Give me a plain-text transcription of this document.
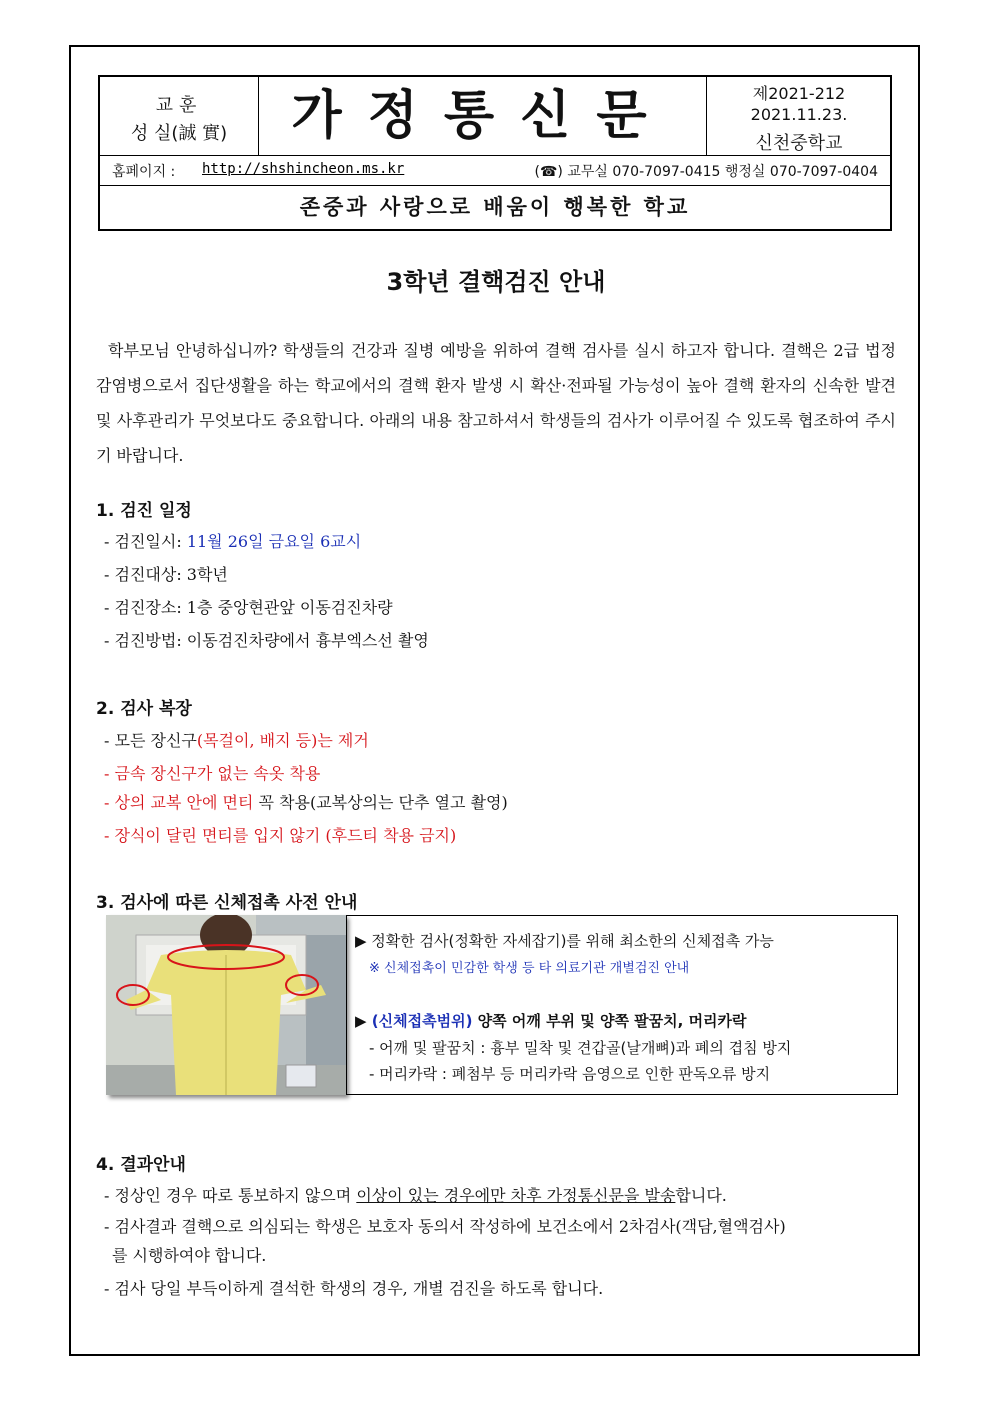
교훈
성 실(誠 實)	가정통신문	제2021-212
2021.11.23.
신천중학교
홈페이지 : http://shshincheon.ms.kr	(☎) 교무실 070-7097-0415 행정실 070-7097-0404
존중과 사랑으로 배움이 행복한 학교
3학년 결핵검진 안내
학부모님 안녕하십니까? 학생들의 건강과 질병 예방을 위하여 결핵 검사를 실시 하고자 합니다. 결핵은 2급 법정 감염병으로서 집단생활을 하는 학교에서의 결핵 환자 발생 시 확산·전파될 가능성이 높아 결핵 환자의 신속한 발견 및 사후관리가 무엇보다도 중요합니다. 아래의 내용 참고하셔서 학생들의 검사가 이루어질 수 있도록 협조하여 주시기 바랍니다.
1. 검진 일정
- 검진일시: 11월 26일 금요일 6교시
- 검진대상: 3학년
- 검진장소: 1층 중앙현관앞 이동검진차량
- 검진방법: 이동검진차량에서 흉부엑스선 촬영
2. 검사 복장
- 모든 장신구(목걸이, 배지 등)는 제거
- 금속 장신구가 없는 속옷 착용
- 상의 교복 안에 면티 꼭 착용(교복상의는 단추 열고 촬영)
- 장식이 달린 면티를 입지 않기 (후드티 착용 금지)
3. 검사에 따른 신체접촉 사전 안내
▶ 정확한 검사(정확한 자세잡기)를 위해 최소한의 신체접촉 가능
※ 신체접촉이 민감한 학생 등 타 의료기관 개별검진 안내
▶ (신체접촉범위) 양쪽 어깨 부위 및 양쪽 팔꿈치, 머리카락
- 어깨 및 팔꿈치 : 흉부 밀착 및 견갑골(날개뼈)과 폐의 겹침 방지
- 머리카락 : 폐첨부 등 머리카락 음영으로 인한 판독오류 방지
4. 결과안내
- 정상인 경우 따로 통보하지 않으며 이상이 있는 경우에만 차후 가정통신문을 발송합니다.
- 검사결과 결핵으로 의심되는 학생은 보호자 동의서 작성하에 보건소에서 2차검사(객담,혈액검사)
를 시행하여야 합니다.
- 검사 당일 부득이하게 결석한 학생의 경우, 개별 검진을 하도록 합니다.
